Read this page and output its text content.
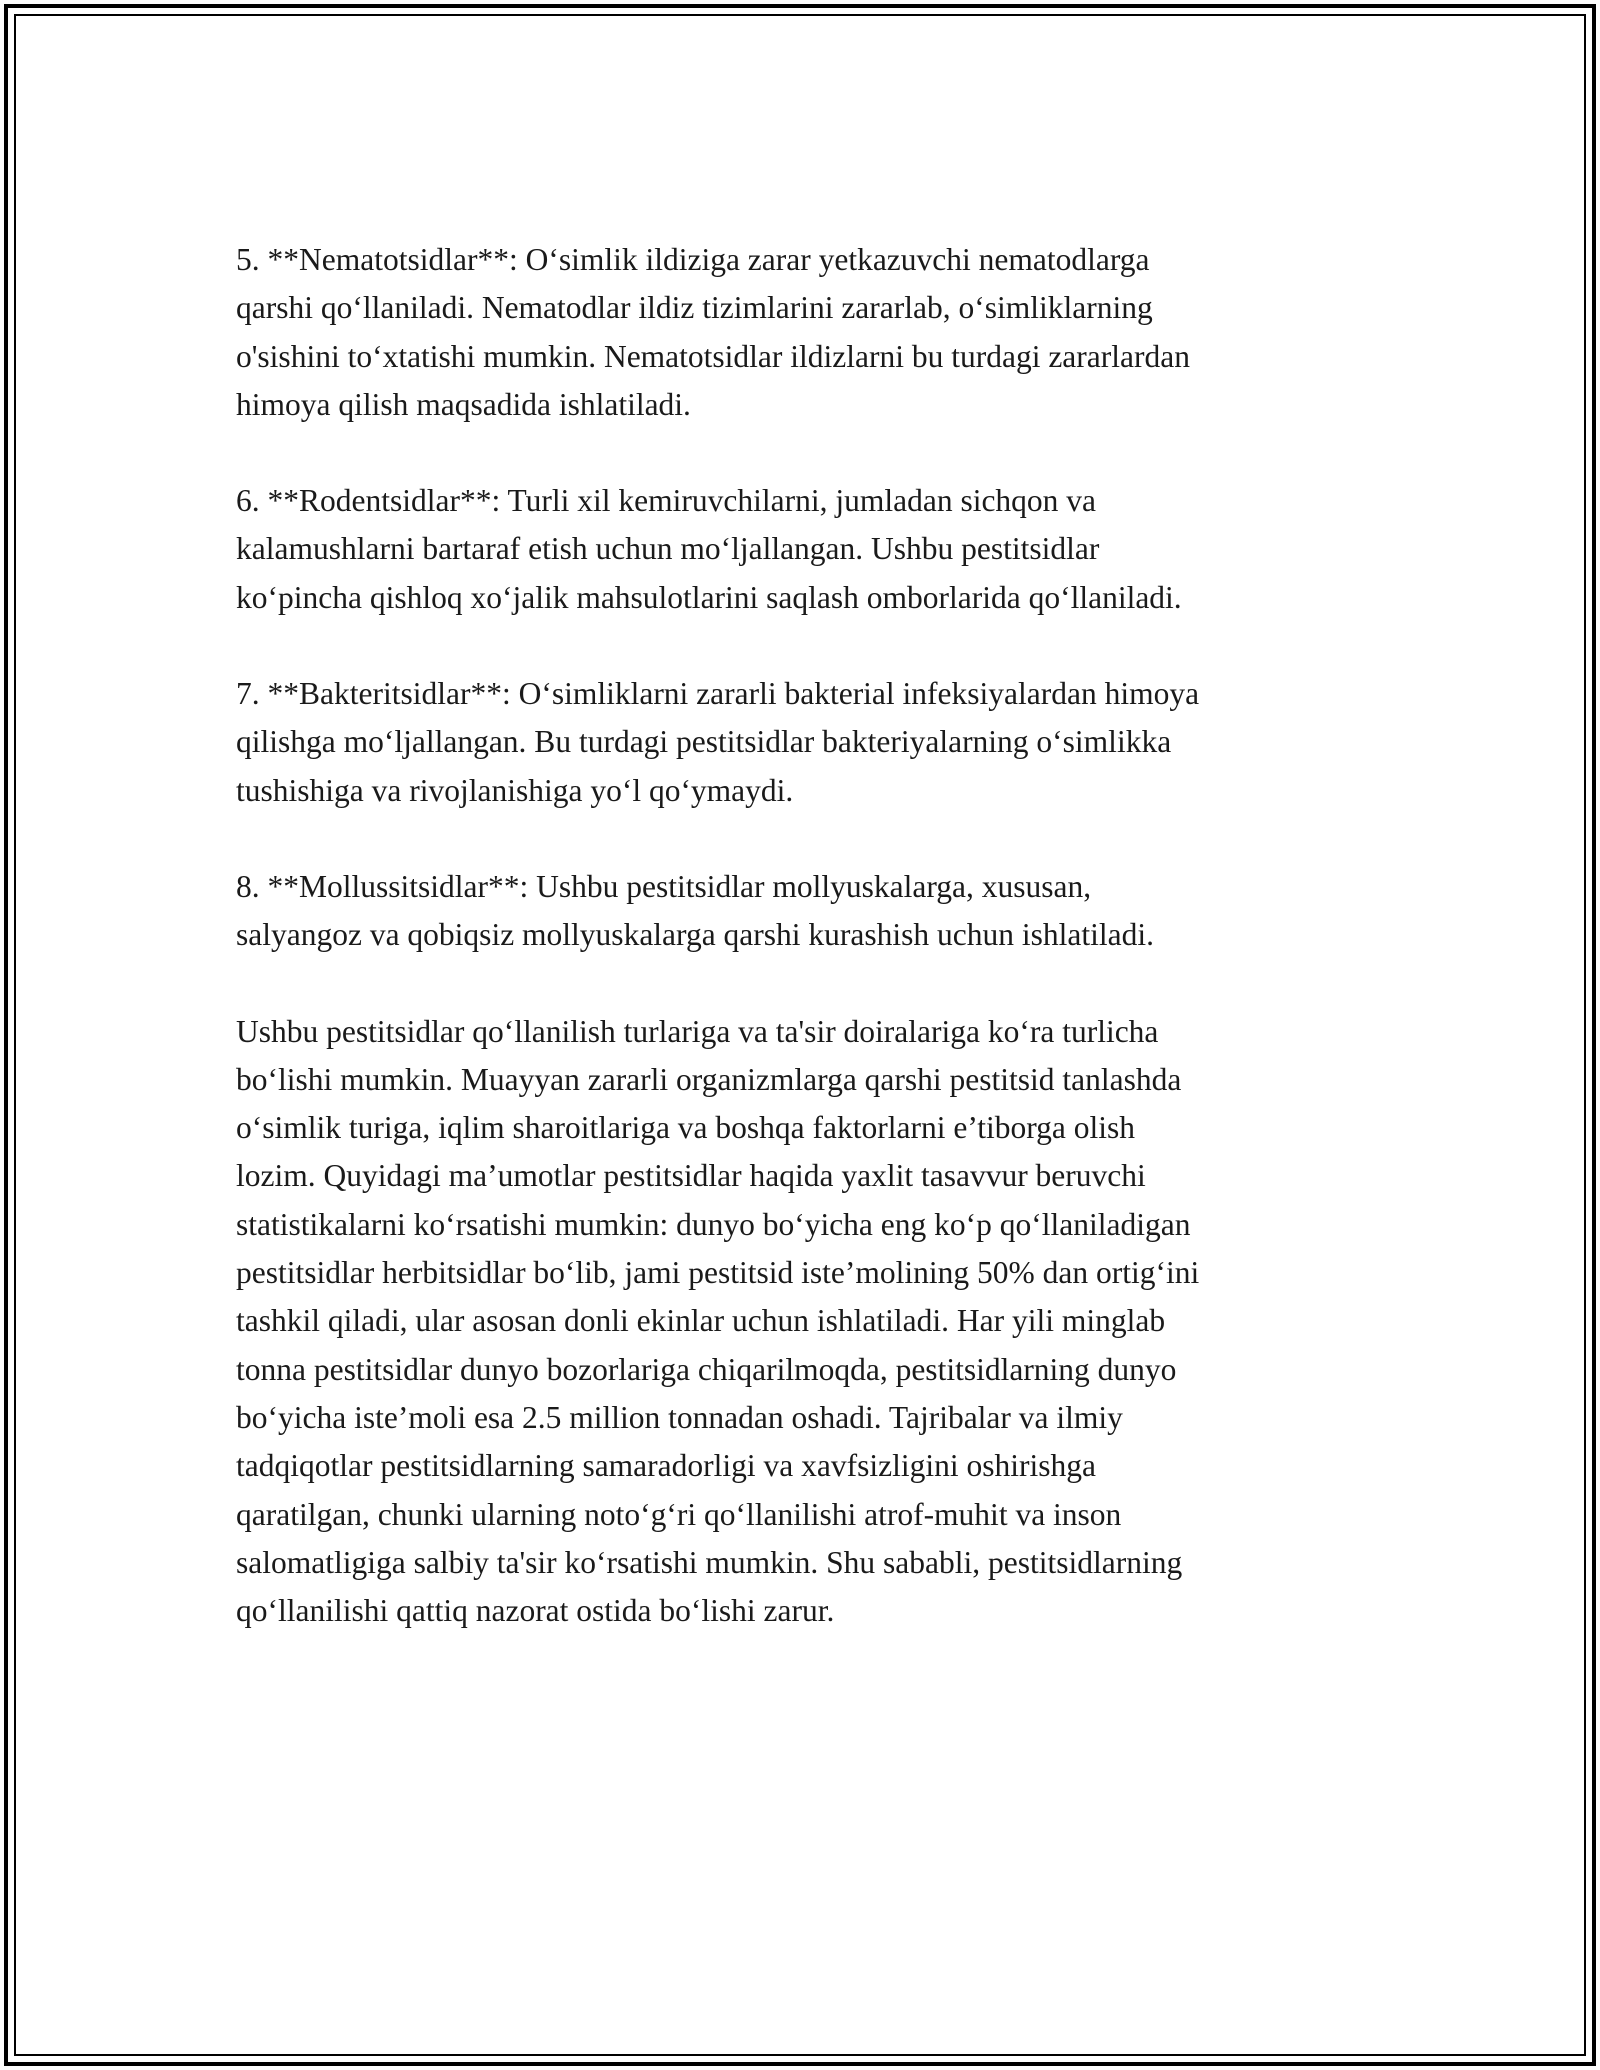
5. **Nematotsidlar**: O‘simlik ildiziga zarar yetkazuvchi nematodlarga
qarshi qo‘llaniladi. Nematodlar ildiz tizimlarini zararlab, o‘simliklarning
o'sishini to‘xtatishi mumkin. Nematotsidlar ildizlarni bu turdagi zararlardan
himoya qilish maqsadida ishlatiladi.

6. **Rodentsidlar**: Turli xil kemiruvchilarni, jumladan sichqon va
kalamushlarni bartaraf etish uchun mo‘ljallangan. Ushbu pestitsidlar
ko‘pincha qishloq xo‘jalik mahsulotlarini saqlash omborlarida qo‘llaniladi.

7. **Bakteritsidlar**: O‘simliklarni zararli bakterial infeksiyalardan himoya
qilishga mo‘ljallangan. Bu turdagi pestitsidlar bakteriyalarning o‘simlikka
tushishiga va rivojlanishiga yo‘l qo‘ymaydi.

8. **Mollussitsidlar**: Ushbu pestitsidlar mollyuskalarga, xususan,
salyangoz va qobiqsiz mollyuskalarga qarshi kurashish uchun ishlatiladi.

Ushbu pestitsidlar qo‘llanilish turlariga va ta'sir doiralariga ko‘ra turlicha
bo‘lishi mumkin. Muayyan zararli organizmlarga qarshi pestitsid tanlashda
o‘simlik turiga, iqlim sharoitlariga va boshqa faktorlarni e’tiborga olish
lozim. Quyidagi ma’umotlar pestitsidlar haqida yaxlit tasavvur beruvchi
statistikalarni ko‘rsatishi mumkin: dunyo bo‘yicha eng ko‘p qo‘llaniladigan
pestitsidlar herbitsidlar bo‘lib, jami pestitsid iste’molining 50% dan ortig‘ini
tashkil qiladi, ular asosan donli ekinlar uchun ishlatiladi. Har yili minglab
tonna pestitsidlar dunyo bozorlariga chiqarilmoqda, pestitsidlarning dunyo
bo‘yicha iste’moli esa 2.5 million tonnadan oshadi. Tajribalar va ilmiy
tadqiqotlar pestitsidlarning samaradorligi va xavfsizligini oshirishga
qaratilgan, chunki ularning noto‘g‘ri qo‘llanilishi atrof-muhit va inson
salomatligiga salbiy ta'sir ko‘rsatishi mumkin. Shu sababli, pestitsidlarning
qo‘llanilishi qattiq nazorat ostida bo‘lishi zarur.
